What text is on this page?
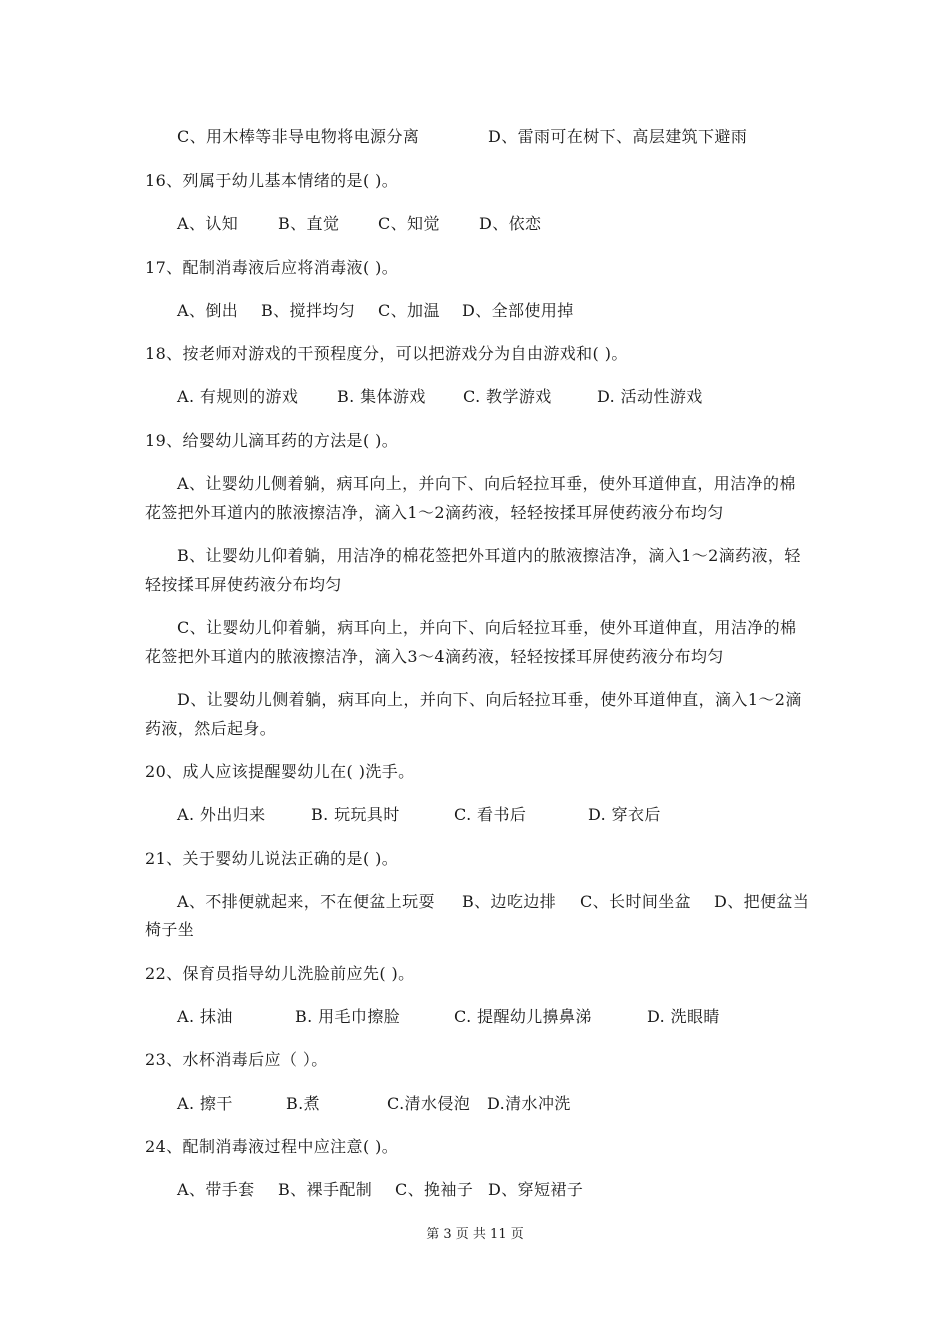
C、用木棒等非导电物将电源分离	D、雷雨可在树下、高层建筑下避雨
16、列属于幼儿基本情绪的是( )。
A、认知 B、直觉 C、知觉 D、依恋
17、配制消毒液后应将消毒液( )。
A、倒出 B、搅拌均匀 C、加温 D、全部使用掉
18、按老师对游戏的干预程度分，可以把游戏分为自由游戏和( )。
A. 有规则的游戏 B. 集体游戏 C. 教学游戏	D. 活动性游戏
19、给婴幼儿滴耳药的方法是( )。
A、让婴幼儿侧着躺，病耳向上，并向下、向后轻拉耳垂，使外耳道伸直，用洁净的棉
花签把外耳道内的脓液擦洁净，滴入1～2滴药液，轻轻按揉耳屏使药液分布均匀
B、让婴幼儿仰着躺，用洁净的棉花签把外耳道内的脓液擦洁净，滴入1～2滴药液，轻
轻按揉耳屏使药液分布均匀
C、让婴幼儿仰着躺，病耳向上，并向下、向后轻拉耳垂，使外耳道伸直，用洁净的棉
花签把外耳道内的脓液擦洁净，滴入3～4滴药液，轻轻按揉耳屏使药液分布均匀
D、让婴幼儿侧着躺，病耳向上，并向下、向后轻拉耳垂，使外耳道伸直，滴入1～2滴
药液，然后起身。
20、成人应该提醒婴幼儿在( )洗手。
A. 外出归来	B. 玩玩具时	C. 看书后	D. 穿衣后
21、关于婴幼儿说法正确的是( )。
A、不排便就起来，不在便盆上玩耍 B、边吃边排 C、长时间坐盆 D、把便盆当
椅子坐
22、保育员指导幼儿洗脸前应先( )。
A. 抹油	B. 用毛巾擦脸	C. 提醒幼儿擤鼻涕	D. 洗眼睛
23、水杯消毒后应（ ）。
A. 擦干	B.煮	C.清水侵泡 D.清水冲洗
24、配制消毒液过程中应注意( )。
A、带手套 B、裸手配制 C、挽袖子 D、穿短裙子
第 3 页 共 11 页
